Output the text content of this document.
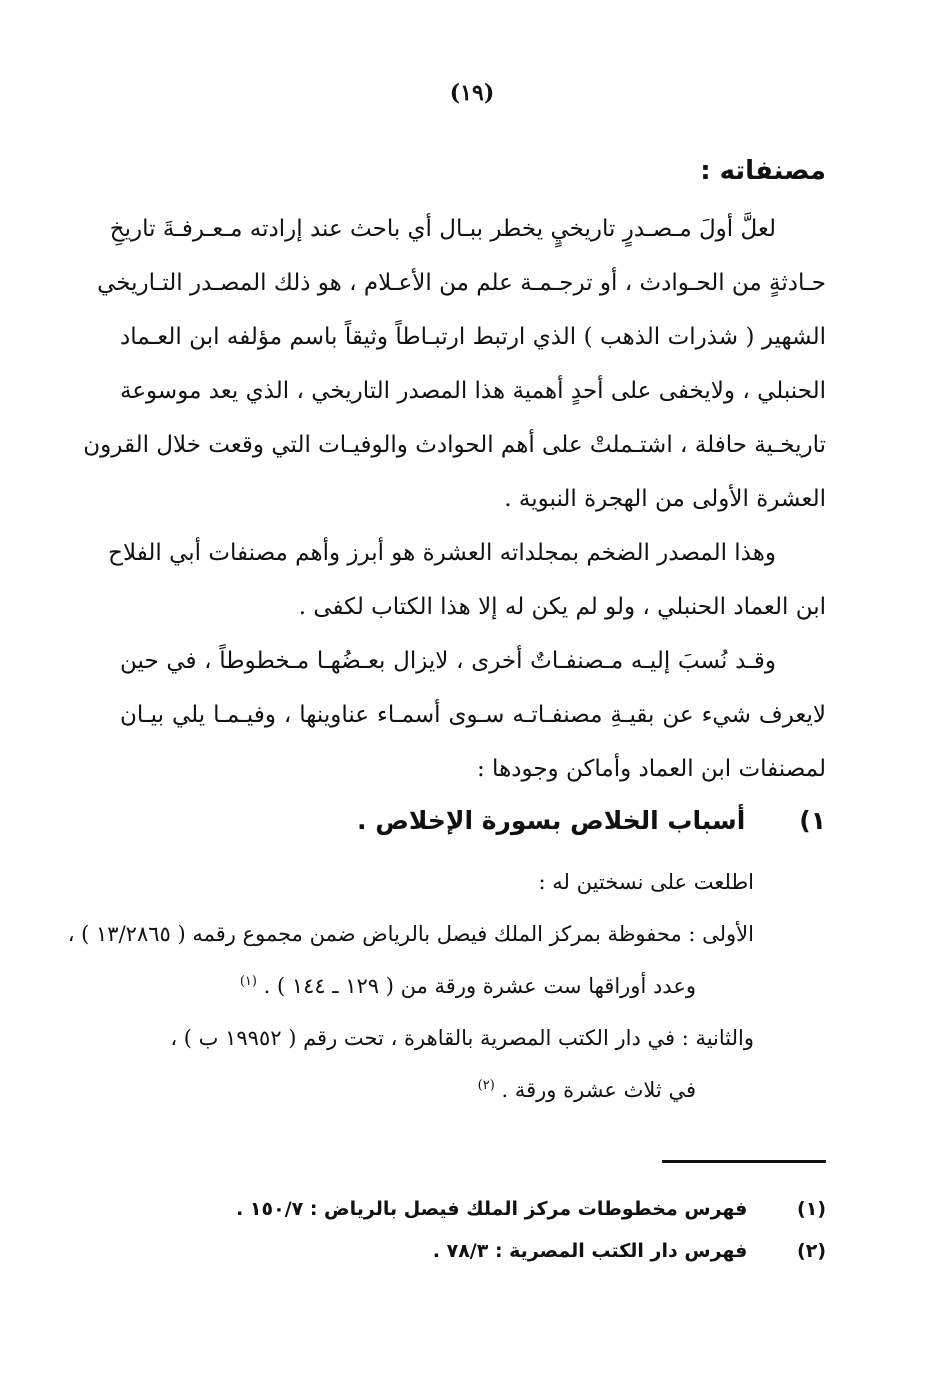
(١٩)
مصنفاته :
لعلَّ أولَ مـصـدرٍ تاريخيٍ يخطر ببـال أي باحث عند إرادته مـعـرفـةَ تاريخِ
حـادثةٍ من الحـوادث ، أو ترجـمـة علم من الأعـلام ، هو ذلك المصـدر التـاريخي
الشهير ( شذرات الذهب ) الذي ارتبط ارتبـاطاً وثيقاً باسم مؤلفه ابن العـماد
الحنبلي ، ولايخفى على أحدٍ أهمية هذا المصدر التاريخي ، الذي يعد موسوعة
تاريخـية حافلة ، اشتـملتْ على أهم الحوادث والوفيـات التي وقعت خلال القرون
العشرة الأولى من الهجرة النبوية .
وهذا المصدر الضخم بمجلداته العشرة هو أبرز وأهم مصنفات أبي الفلاح
ابن العماد الحنبلي ، ولو لم يكن له إلا هذا الكتاب لكفى .
وقـد نُسبَ إليـه مـصنفـاتٌ أخرى ، لايزال بعـضُهـا مـخطوطاً ، في حين
لايعرف شيء عن بقيـةِ مصنفـاتـه سـوى أسمـاء عناوينها ، وفيـمـا يلي بيـان
لمصنفات ابن العماد وأماكن وجودها :
١) أسباب الخلاص بسورة الإخلاص .
اطلعت على نسختين له :
الأولى : محفوظة بمركز الملك فيصل بالرياض ضمن مجموع رقمه ( ١٣/٢٨٦٥ ) ،
وعدد أوراقها ست عشرة ورقة من ( ١٢٩ ـ ١٤٤ ) . $^{(١)}$
والثانية : في دار الكتب المصرية بالقاهرة ، تحت رقم ( ١٩٩٥٢ ب ) ،
في ثلاث عشرة ورقة . $^{(٢)}$
(١) فهرس مخطوطات مركز الملك فيصل بالرياض : ١٥٠/٧ .
(٢) فهرس دار الكتب المصرية : ٧٨/٣ .
